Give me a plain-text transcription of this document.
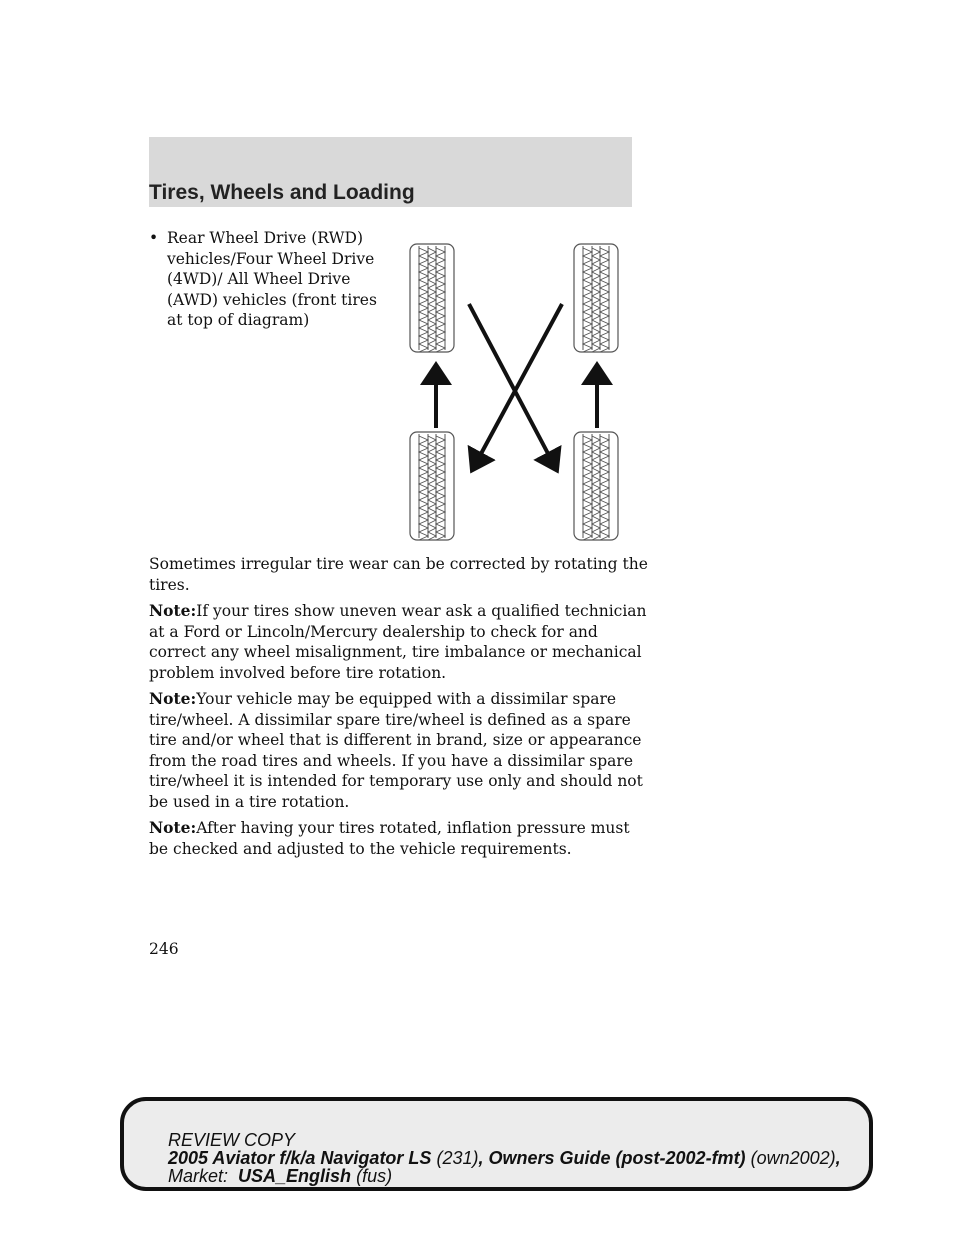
Tires, Wheels and Loading
• Rear Wheel Drive (RWD) vehicles/Four Wheel Drive (4WD)/ All Wheel Drive (AWD) vehicles (front tires at top of diagram)

Sometimes irregular tire wear can be corrected by rotating the tires.

Note:If your tires show uneven wear ask a qualified technician at a Ford or Lincoln/Mercury dealership to check for and correct any wheel misalignment, tire imbalance or mechanical problem involved before tire rotation.

Note:Your vehicle may be equipped with a dissimilar spare tire/wheel. A dissimilar spare tire/wheel is defined as a spare tire and/or wheel that is different in brand, size or appearance from the road tires and wheels. If you have a dissimilar spare tire/wheel it is intended for temporary use only and should not be used in a tire rotation.

Note:After having your tires rotated, inflation pressure must be checked and adjusted to the vehicle requirements.

246
REVIEW COPY
2005 Aviator f/k/a Navigator LS (231), Owners Guide (post-2002-fmt) (own2002),
Market: USA_English (fus)
